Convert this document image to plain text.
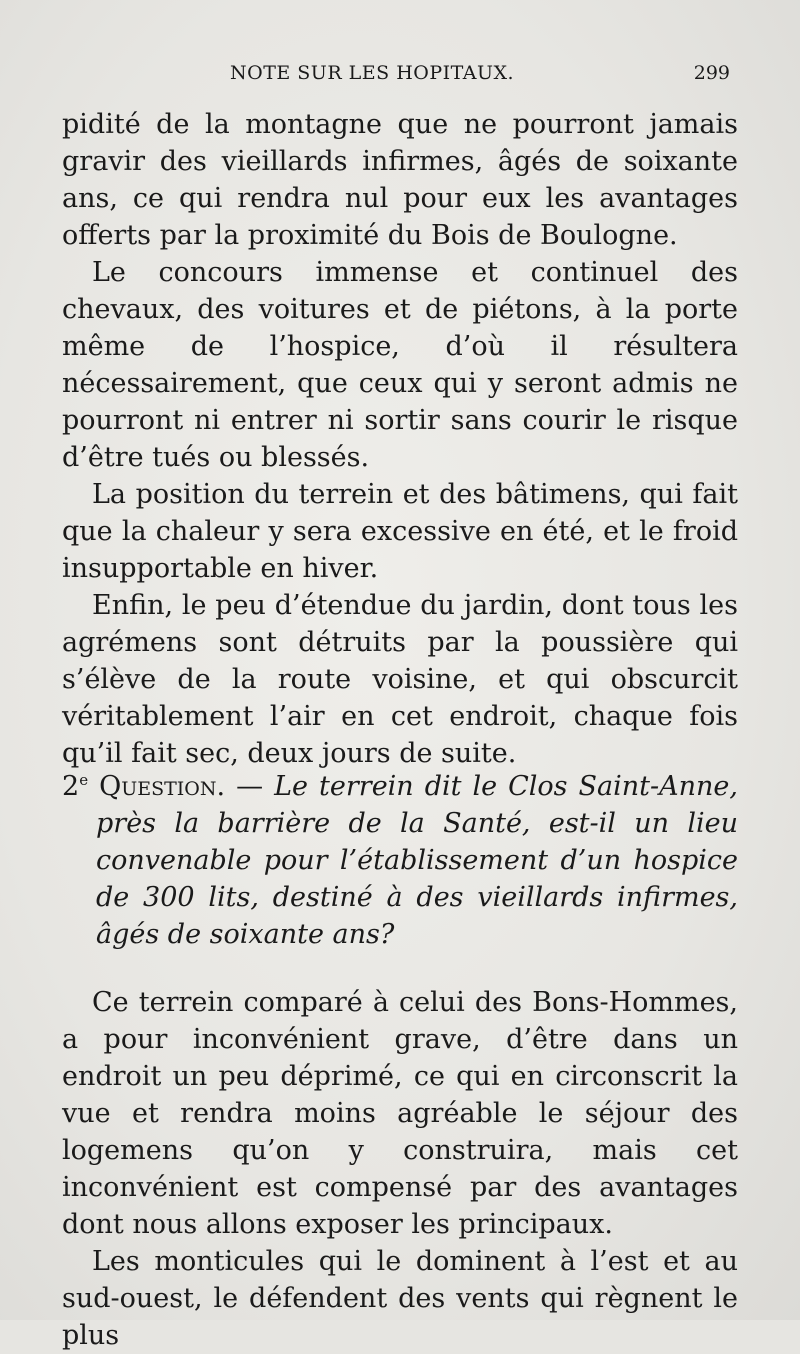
NOTE SUR LES HOPITAUX.	299

pidité de la montagne que ne pourront jamais gravir des vieillards infirmes, âgés de soixante ans, ce qui rendra nul pour eux les avantages offerts par la proximité du Bois de Boulogne.

Le concours immense et continuel des chevaux, des voitures et de piétons, à la porte même de l’hospice, d’où il résultera nécessairement, que ceux qui y seront admis ne pourront ni entrer ni sortir sans courir le risque d’être tués ou blessés.

La position du terrein et des bâtimens, qui fait que la chaleur y sera excessive en été, et le froid insupportable en hiver.

Enfin, le peu d’étendue du jardin, dont tous les agrémens sont détruits par la poussière qui s’élève de la route voisine, et qui obscurcit véritablement l’air en cet endroit, chaque fois qu’il fait sec, deux jours de suite.

2e Question. — Le terrein dit le Clos Saint-Anne, près la barrière de la Santé, est-il un lieu convenable pour l’établissement d’un hospice de 300 lits, destiné à des vieillards infirmes, âgés de soixante ans?

Ce terrein comparé à celui des Bons-Hommes, a pour inconvénient grave, d’être dans un endroit un peu déprimé, ce qui en circonscrit la vue et rendra moins agréable le séjour des logemens qu’on y construira, mais cet inconvénient est compensé par des avantages dont nous allons exposer les principaux.

Les monticules qui le dominent à l’est et au sud-ouest, le défendent des vents qui règnent le plus
